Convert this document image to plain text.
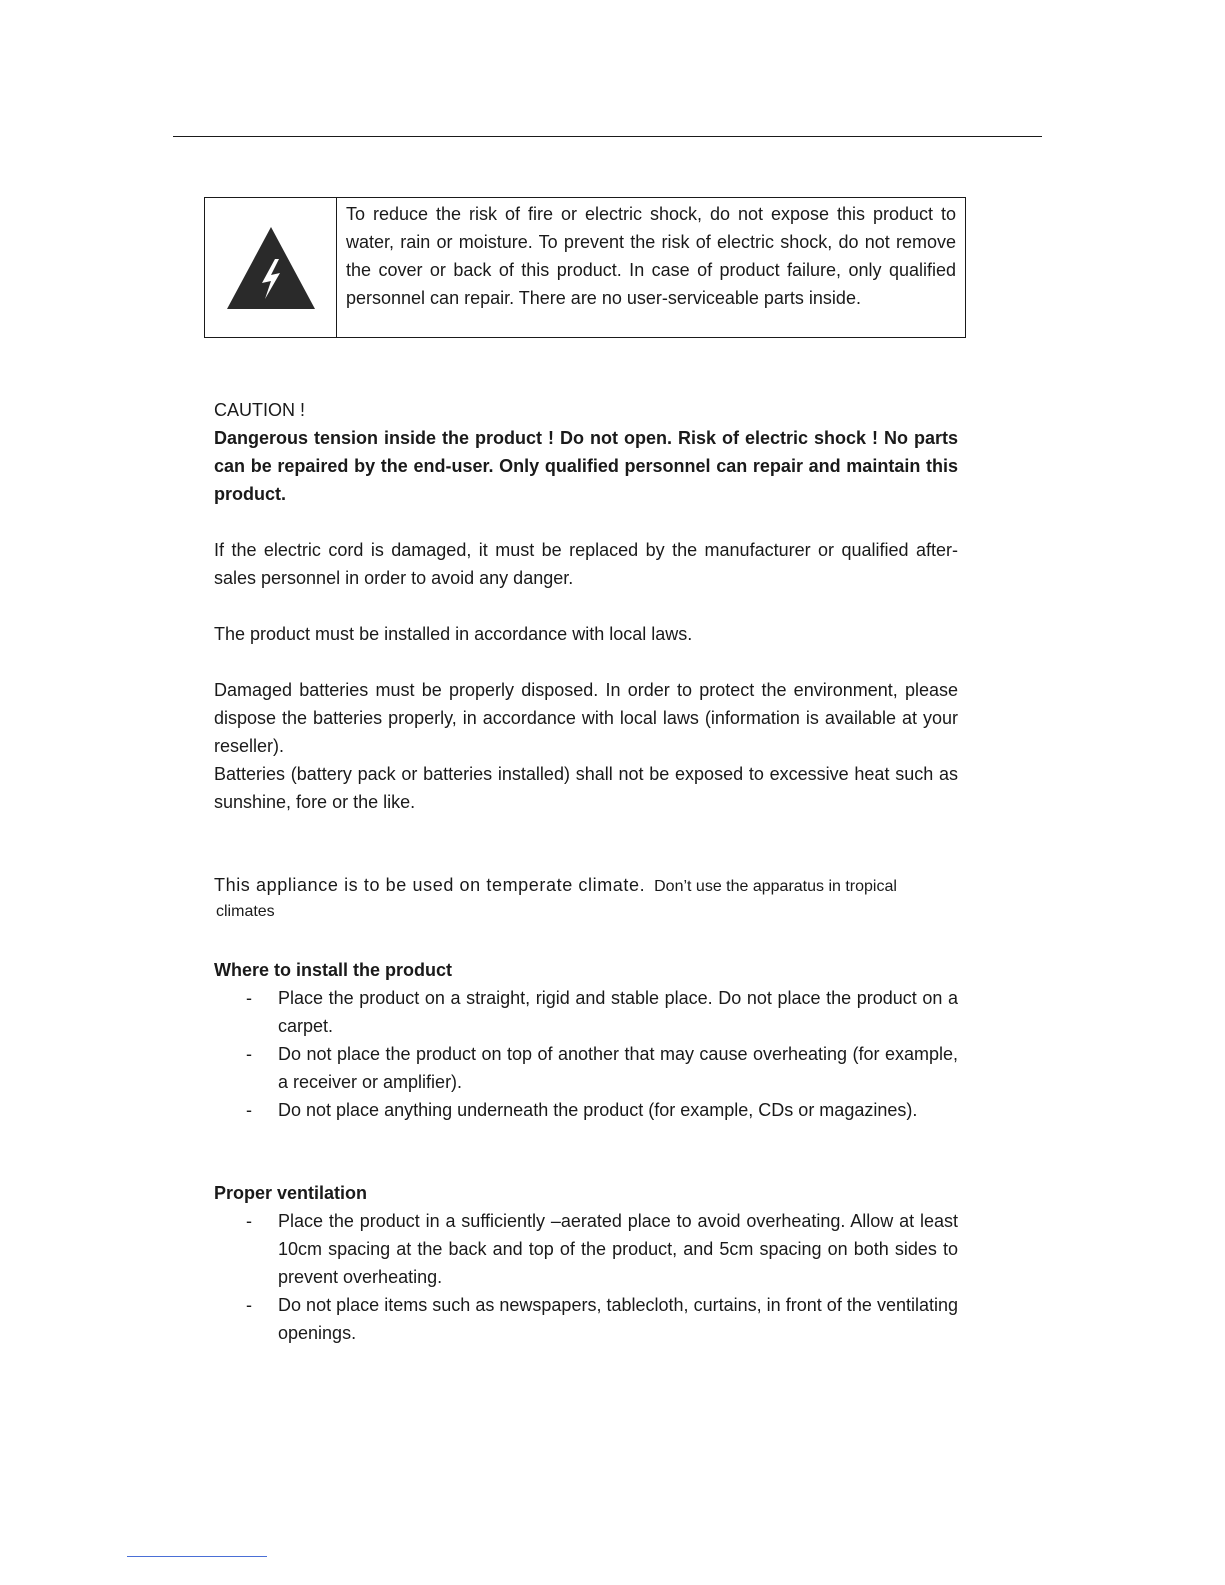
To reduce the risk of fire or electric shock, do not expose this product to water, rain or moisture. To prevent the risk of electric shock, do not remove the cover or back of this product. In case of product failure, only qualified personnel can repair. There are no user-serviceable parts inside.

CAUTION !

Dangerous tension inside the product ! Do not open. Risk of electric shock ! No parts can be repaired by the end-user. Only qualified personnel can repair and maintain this product.

If the electric cord is damaged, it must be replaced by the manufacturer or qualified after-sales personnel in order to avoid any danger.
The product must be installed in accordance with local laws.

Damaged batteries must be properly disposed. In order to protect the environment, please dispose the batteries properly, in accordance with local laws (information is available at your reseller).

Batteries (battery pack or batteries installed) shall not be exposed to excessive heat such as sunshine, fore or the like.

This appliance is to be used on temperate climate. Don’t use the apparatus in tropical
climates
Where to install the product
- Place the product on a straight, rigid and stable place. Do not place the product on a carpet.
- Do not place the product on top of another that may cause overheating (for example, a receiver or amplifier).
- Do not place anything underneath the product (for example, CDs or magazines).
Proper ventilation
- Place the product in a sufficiently –aerated place to avoid overheating. Allow at least 10cm spacing at the back and top of the product, and 5cm spacing on both sides to prevent overheating.
- Do not place items such as newspapers, tablecloth, curtains, in front of the ventilating openings.
